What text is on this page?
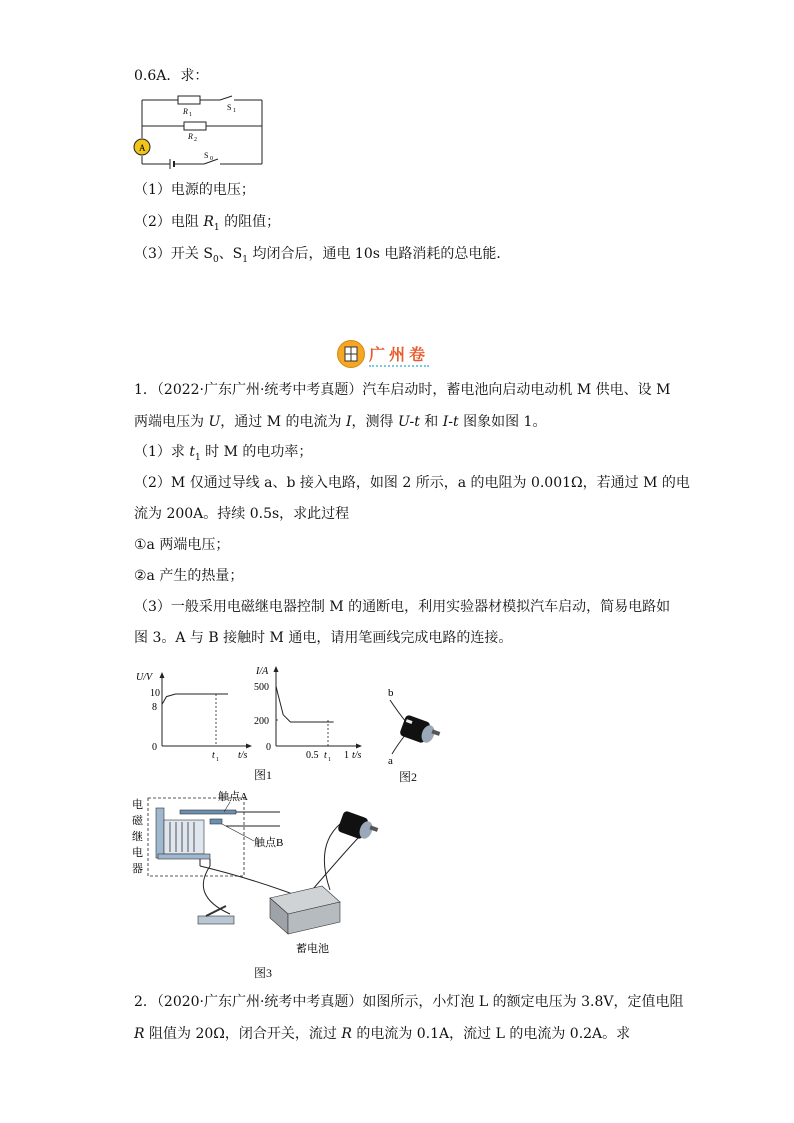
0.6A．求：
A
R 1
R 2
S 1
S 0
（1）电源的电压；
（2）电阻 $R_1$ 的阻值；
（3）开关 $S_0$、$S_1$ 均闭合后，通电 10s 电路消耗的总电能．
广州卷
1．（2022·广东广州·统考中考真题）汽车启动时，蓄电池向启动电动机 M 供电、设 M
两端电压为 U，通过 M 的电流为 I，测得 U-t 和 I-t 图象如图 1。
（1）求 $t_1$ 时 M 的电功率；
（2）M 仅通过导线 a、b 接入电路，如图 2 所示，a 的电阻为 0.001Ω，若通过 M 的电
流为 200A。持续 0.5s，求此过程
①a 两端电压；
②a 产生的热量；
（3）一般采用电磁继电器控制 M 的通断电，利用实验器材模拟汽车启动，简易电路如
图 3。A 与 B 接触时 M 通电，请用笔画线完成电路的连接。
U/V
10
8
0
t 1 t/s
I/A
500
200
0
0.5 t 1 1 t/s
图1
b
a
图2
电
磁
继
电
器
触点A
触点B
蓄电池
图3
2．（2020·广东广州·统考中考真题）如图所示，小灯泡 L 的额定电压为 3.8V，定值电阻
R 阻值为 20Ω，闭合开关，流过 R 的电流为 0.1A，流过 L 的电流为 0.2A。求
